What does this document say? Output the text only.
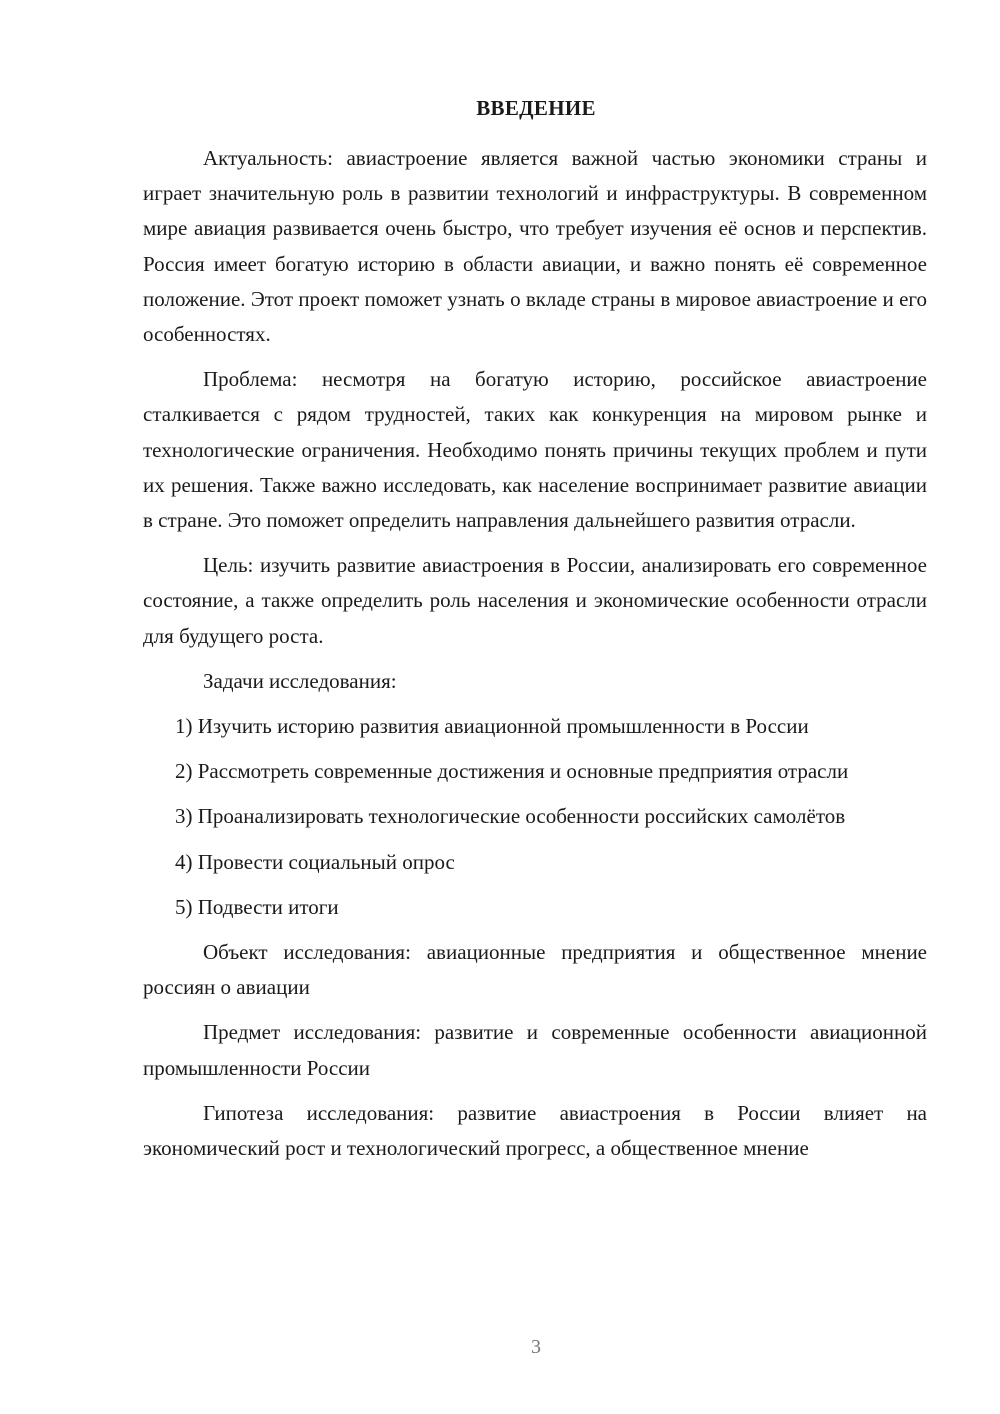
ВВЕДЕНИЕ

Актуальность: авиастроение является важной частью экономики страны и играет значительную роль в развитии технологий и инфраструктуры. В современном мире авиация развивается очень быстро, что требует изучения её основ и перспектив. Россия имеет богатую историю в области авиации, и важно понять её современное положение. Этот проект поможет узнать о вкладе страны в мировое авиастроение и его особенностях.

Проблема: несмотря на богатую историю, российское авиастроение сталкивается с рядом трудностей, таких как конкуренция на мировом рынке и технологические ограничения. Необходимо понять причины текущих проблем и пути их решения. Также важно исследовать, как население воспринимает развитие авиации в стране. Это поможет определить направления дальнейшего развития отрасли.

Цель: изучить развитие авиастроения в России, анализировать его современное состояние, а также определить роль населения и экономические особенности отрасли для будущего роста.

Задачи исследования:

1) Изучить историю развития авиационной промышленности в России

2) Рассмотреть современные достижения и основные предприятия отрасли

3) Проанализировать технологические особенности российских самолётов

4) Провести социальный опрос

5) Подвести итоги

Объект исследования: авиационные предприятия и общественное мнение россиян о авиации

Предмет исследования: развитие и современные особенности авиационной промышленности России

Гипотеза исследования: развитие авиастроения в России влияет на экономический рост и технологический прогресс, а общественное мнение

3
